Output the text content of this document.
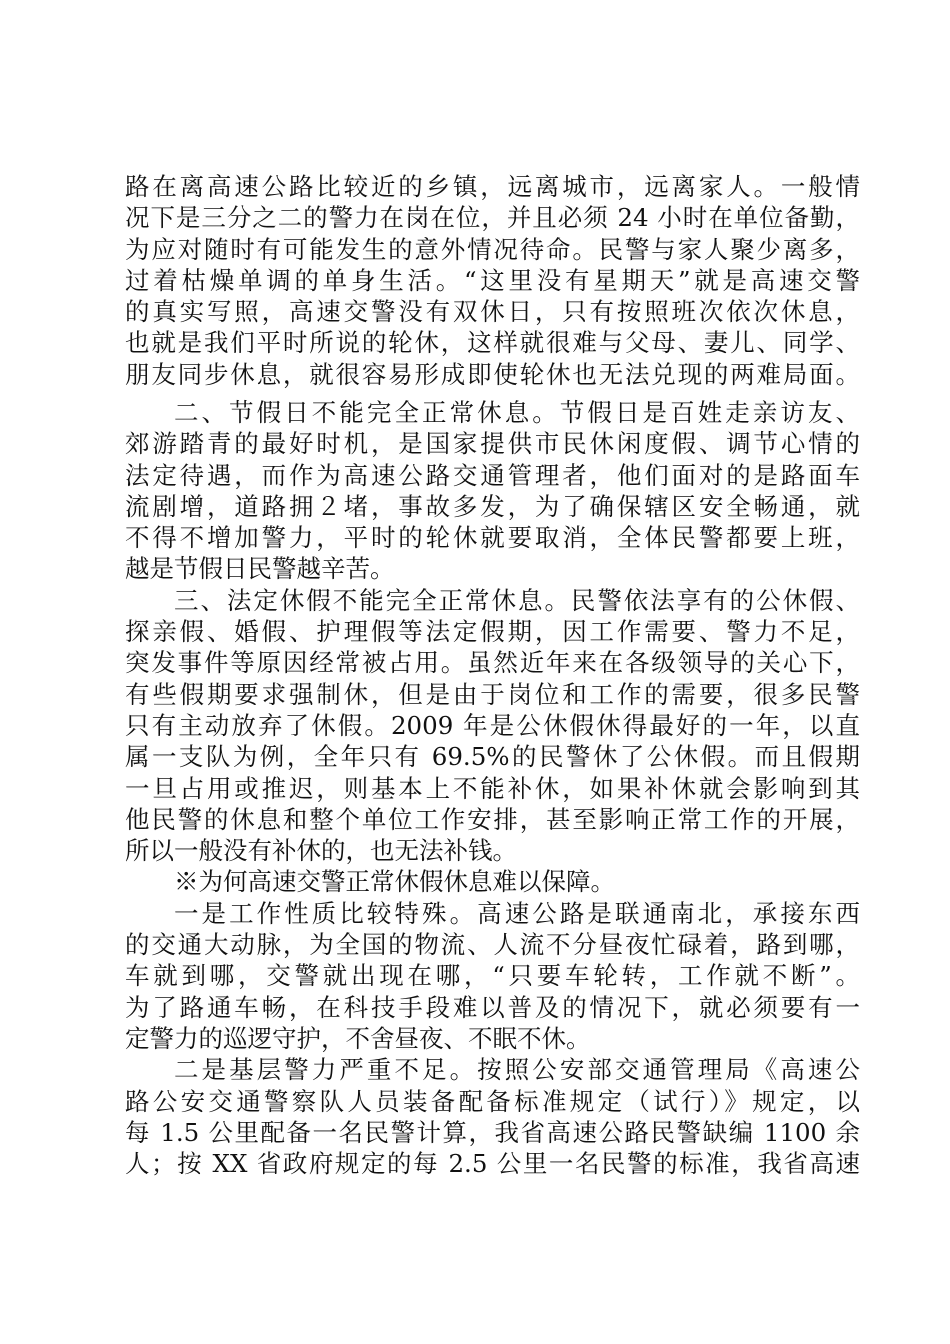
路在离高速公路比较近的乡镇，远离城市，远离家人。一般情
况下是三分之二的警力在岗在位，并且必须 24 小时在单位备勤，
为应对随时有可能发生的意外情况待命。民警与家人聚少离多，
过着枯燥单调的单身生活。“这里没有星期天”就是高速交警
的真实写照，高速交警没有双休日，只有按照班次依次休息，
也就是我们平时所说的轮休，这样就很难与父母、妻儿、同学、
朋友同步休息，就很容易形成即使轮休也无法兑现的两难局面。
二、节假日不能完全正常休息。节假日是百姓走亲访友、
郊游踏青的最好时机，是国家提供市民休闲度假、调节心情的
法定待遇，而作为高速公路交通管理者，他们面对的是路面车
流剧增，道路拥２堵，事故多发，为了确保辖区安全畅通，就
不得不增加警力，平时的轮休就要取消，全体民警都要上班，
越是节假日民警越辛苦。
三、法定休假不能完全正常休息。民警依法享有的公休假、
探亲假、婚假、护理假等法定假期，因工作需要、警力不足，
突发事件等原因经常被占用。虽然近年来在各级领导的关心下，
有些假期要求强制休，但是由于岗位和工作的需要，很多民警
只有主动放弃了休假。2009 年是公休假休得最好的一年，以直
属一支队为例，全年只有 69.5%的民警休了公休假。而且假期
一旦占用或推迟，则基本上不能补休，如果补休就会影响到其
他民警的休息和整个单位工作安排，甚至影响正常工作的开展，
所以一般没有补休的，也无法补钱。
※为何高速交警正常休假休息难以保障。
一是工作性质比较特殊。高速公路是联通南北，承接东西
的交通大动脉，为全国的物流、人流不分昼夜忙碌着，路到哪，
车就到哪，交警就出现在哪，“只要车轮转，工作就不断”。
为了路通车畅，在科技手段难以普及的情况下，就必须要有一
定警力的巡逻守护，不舍昼夜、不眠不休。
二是基层警力严重不足。按照公安部交通管理局《高速公
路公安交通警察队人员装备配备标准规定（试行）》规定，以
每 1.5 公里配备一名民警计算，我省高速公路民警缺编 1100 余
人；按 XX 省政府规定的每 2.5 公里一名民警的标准，我省高速
